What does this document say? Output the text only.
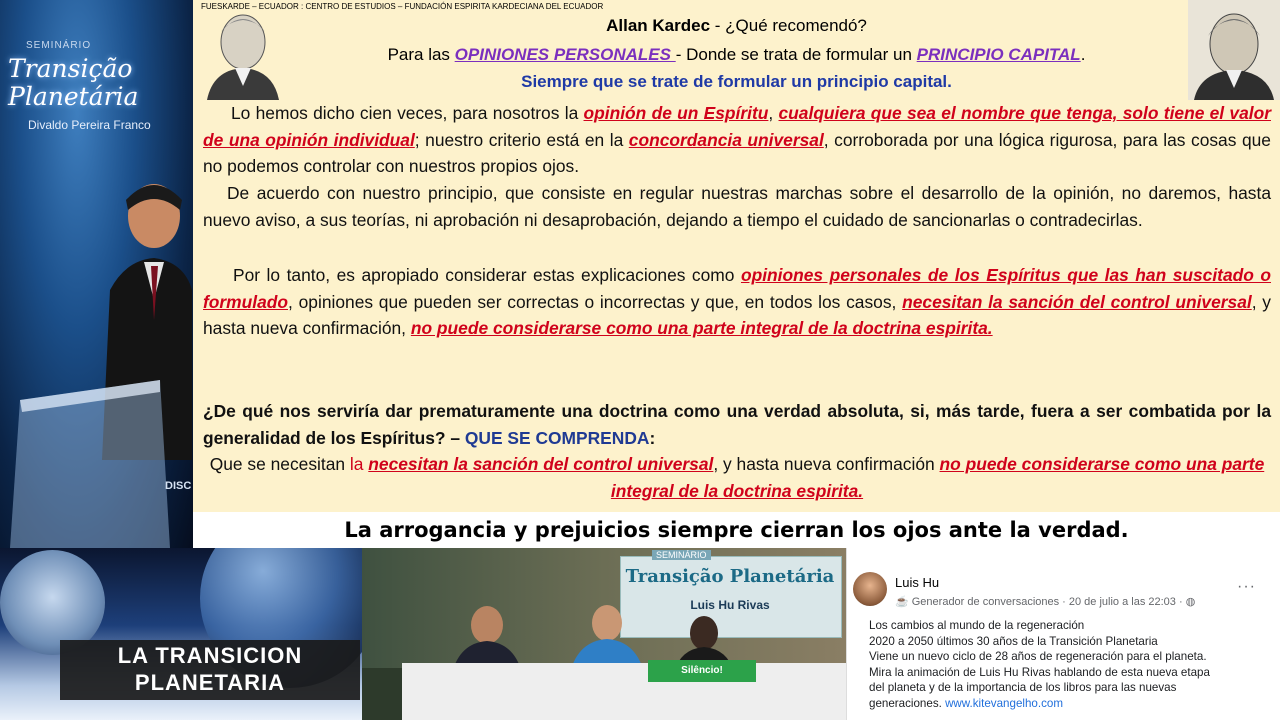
SEMINÁRIO
Transição Planetária
Divaldo Pereira Franco
DISC
FUESKARDE – ECUADOR : CENTRO DE ESTUDIOS – FUNDACIÓN ESPIRITA KARDECIANA DEL ECUADOR
Allan Kardec - ¿Qué recomendó?
Para las OPINIONES PERSONALES - Donde se trata de formular un PRINCIPIO CAPITAL.
Siempre que se trate de formular un principio capital.
Lo hemos dicho cien veces, para nosotros la opinión de un Espíritu, cualquiera que sea el nombre que tenga, solo tiene el valor de una opinión individual; nuestro criterio está en la concordancia universal, corroborada por una lógica rigurosa, para las cosas que no podemos controlar con nuestros propios ojos.
De acuerdo con nuestro principio, que consiste en regular nuestras marchas sobre el desarrollo de la opinión, no daremos, hasta nuevo aviso, a sus teorías, ni aprobación ni desaprobación, dejando a tiempo el cuidado de sancionarlas o contradecirlas.
Por lo tanto, es apropiado considerar estas explicaciones como opiniones personales de los Espíritus que las han suscitado o formulado, opiniones que pueden ser correctas o incorrectas y que, en todos los casos, necesitan la sanción del control universal, y hasta nueva confirmación, no puede considerarse como una parte integral de la doctrina espirita.
¿De qué nos serviría dar prematuramente una doctrina como una verdad absoluta, si, más tarde, fuera a ser combatida por la generalidad de los Espíritus? – QUE SE COMPRENDA:
Que se necesitan la necesitan la sanción del control universal, y hasta nueva confirmación no puede considerarse como una parte integral de la doctrina espirita.
La arrogancia y prejuicios siempre cierran los ojos ante la verdad.
LA TRANSICION
PLANETARIA
SEMINÁRIO
Transição Planetária
Luis Hu Rivas
Silêncio!
Luis Hu
☕ Generador de conversaciones · 20 de julio a las 22:03 · ◍
···
Los cambios al mundo de la regeneración
2020 a 2050 últimos 30 años de la Transición Planetaria
Viene un nuevo ciclo de 28 años de regeneración para el planeta.
Mira la animación de Luis Hu Rivas hablando de esta nueva etapa
del planeta y de la importancia de los libros para las nuevas
generaciones. www.kitevangelho.com
